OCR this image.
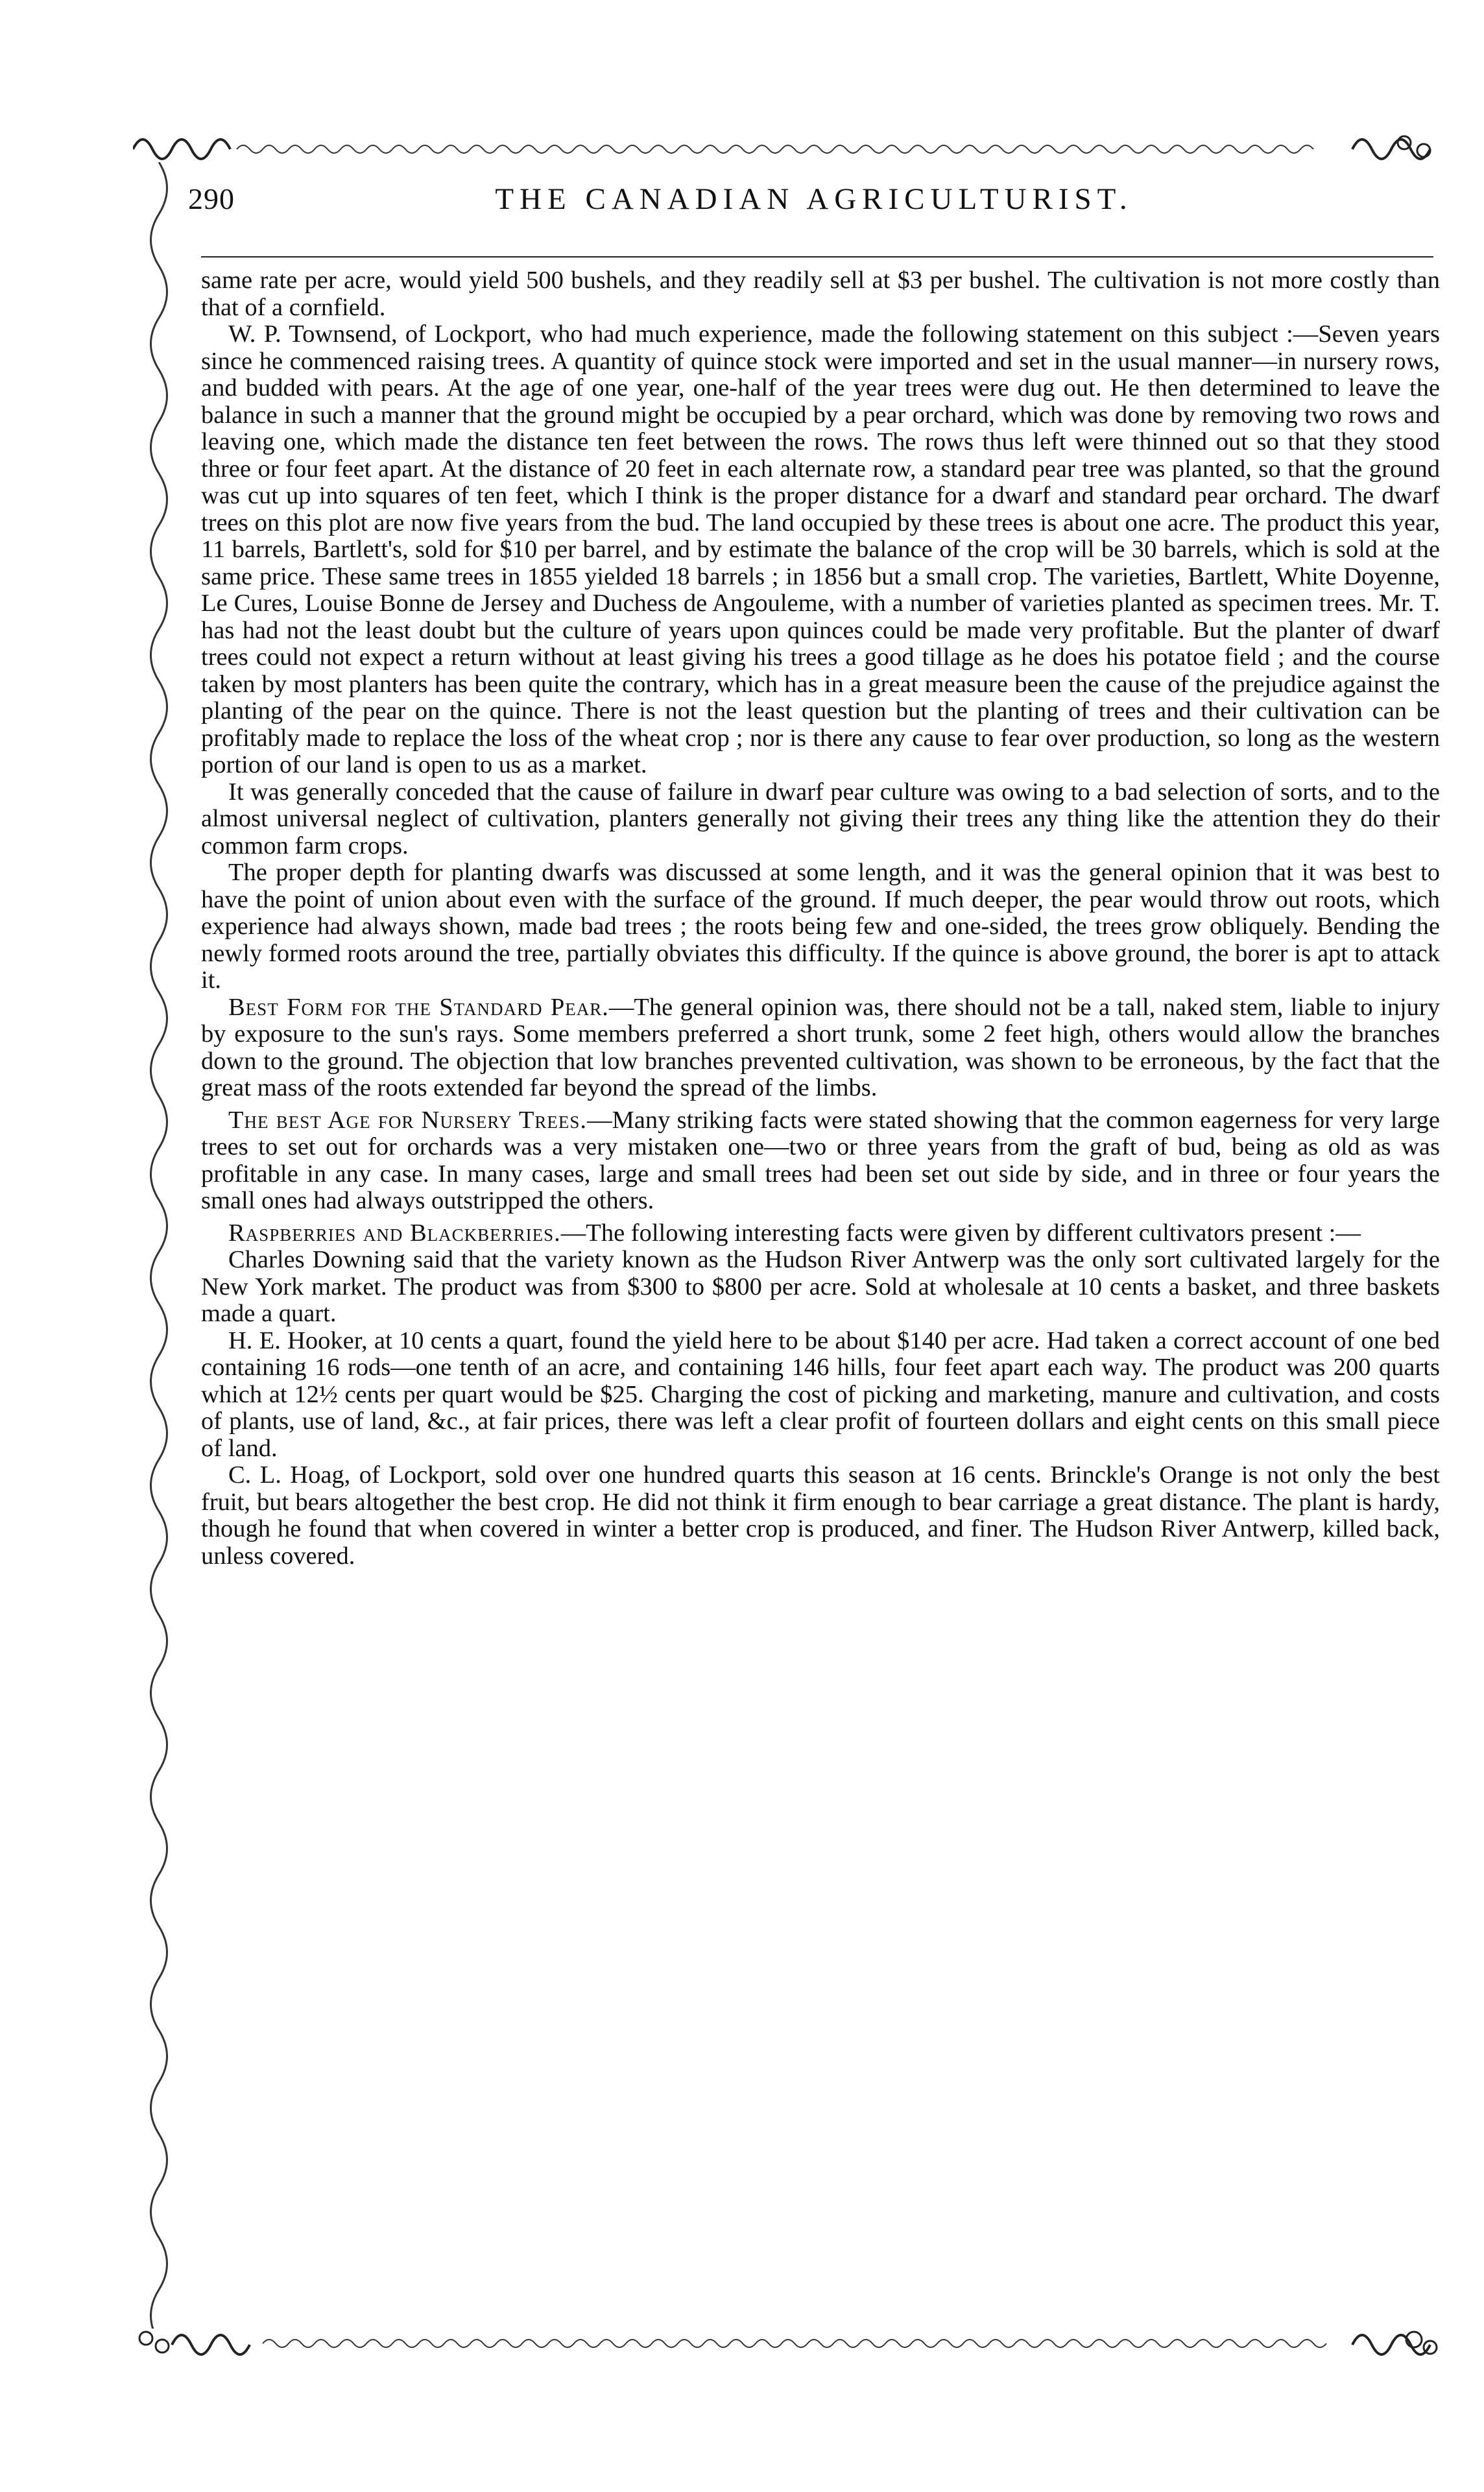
290	THE CANADIAN AGRICULTURIST.

same rate per acre, would yield 500 bushels, and they readily sell at $3 per bushel. The cultivation is not more costly than that of a cornfield.

W. P. Townsend, of Lockport, who had much experience, made the following statement on this subject :—Seven years since he commenced raising trees. A quantity of quince stock were imported and set in the usual manner—in nursery rows, and budded with pears. At the age of one year, one-half of the year trees were dug out. He then determined to leave the balance in such a manner that the ground might be occupied by a pear orchard, which was done by removing two rows and leaving one, which made the distance ten feet between the rows. The rows thus left were thinned out so that they stood three or four feet apart. At the distance of 20 feet in each alternate row, a standard pear tree was planted, so that the ground was cut up into squares of ten feet, which I think is the proper distance for a dwarf and standard pear orchard. The dwarf trees on this plot are now five years from the bud. The land occupied by these trees is about one acre. The product this year, 11 barrels, Bartlett's, sold for $10 per barrel, and by estimate the balance of the crop will be 30 barrels, which is sold at the same price. These same trees in 1855 yielded 18 barrels ; in 1856 but a small crop. The varieties, Bartlett, White Doyenne, Le Cures, Louise Bonne de Jersey and Duchess de Angouleme, with a number of varieties planted as specimen trees. Mr. T. has had not the least doubt but the culture of years upon quinces could be made very profitable. But the planter of dwarf trees could not expect a return without at least giving his trees a good tillage as he does his potatoe field ; and the course taken by most planters has been quite the contrary, which has in a great measure been the cause of the prejudice against the planting of the pear on the quince. There is not the least question but the planting of trees and their cultivation can be profitably made to replace the loss of the wheat crop ; nor is there any cause to fear over production, so long as the western portion of our land is open to us as a market.

It was generally conceded that the cause of failure in dwarf pear culture was owing to a bad selection of sorts, and to the almost universal neglect of cultivation, planters generally not giving their trees any thing like the attention they do their common farm crops.

The proper depth for planting dwarfs was discussed at some length, and it was the general opinion that it was best to have the point of union about even with the surface of the ground. If much deeper, the pear would throw out roots, which experience had always shown, made bad trees ; the roots being few and one-sided, the trees grow obliquely. Bending the newly formed roots around the tree, partially obviates this difficulty. If the quince is above ground, the borer is apt to attack it.

Best Form for the Standard Pear.—The general opinion was, there should not be a tall, naked stem, liable to injury by exposure to the sun's rays. Some members preferred a short trunk, some 2 feet high, others would allow the branches down to the ground. The objection that low branches prevented cultivation, was shown to be erroneous, by the fact that the great mass of the roots extended far beyond the spread of the limbs.

The best Age for Nursery Trees.—Many striking facts were stated showing that the common eagerness for very large trees to set out for orchards was a very mistaken one—two or three years from the graft of bud, being as old as was profitable in any case. In many cases, large and small trees had been set out side by side, and in three or four years the small ones had always outstripped the others.

Raspberries and Blackberries.—The following interesting facts were given by different cultivators present :—

Charles Downing said that the variety known as the Hudson River Antwerp was the only sort cultivated largely for the New York market. The product was from $300 to $800 per acre. Sold at wholesale at 10 cents a basket, and three baskets made a quart.

H. E. Hooker, at 10 cents a quart, found the yield here to be about $140 per acre. Had taken a correct account of one bed containing 16 rods—one tenth of an acre, and containing 146 hills, four feet apart each way. The product was 200 quarts which at 12½ cents per quart would be $25. Charging the cost of picking and marketing, manure and cultivation, and costs of plants, use of land, &c., at fair prices, there was left a clear profit of fourteen dollars and eight cents on this small piece of land.

C. L. Hoag, of Lockport, sold over one hundred quarts this season at 16 cents. Brinckle's Orange is not only the best fruit, but bears altogether the best crop. He did not think it firm enough to bear carriage a great distance. The plant is hardy, though he found that when covered in winter a better crop is produced, and finer. The Hudson River Antwerp, killed back, unless covered.
